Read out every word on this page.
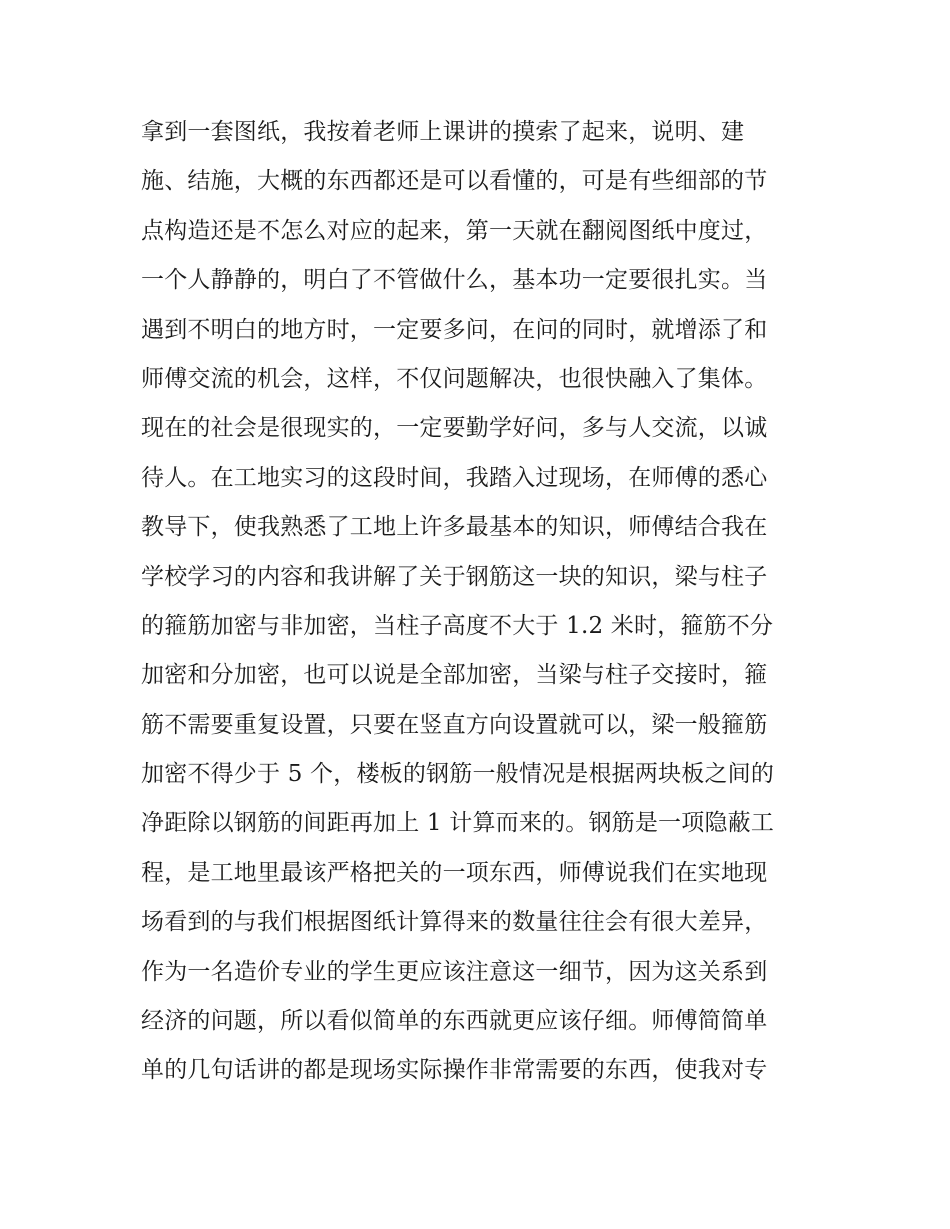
拿到一套图纸，我按着老师上课讲的摸索了起来，说明、建
施、结施，大概的东西都还是可以看懂的，可是有些细部的节
点构造还是不怎么对应的起来，第一天就在翻阅图纸中度过，
一个人静静的，明白了不管做什么，基本功一定要很扎实。当
遇到不明白的地方时，一定要多问，在问的同时，就增添了和
师傅交流的机会，这样，不仅问题解决，也很快融入了集体。
现在的社会是很现实的，一定要勤学好问，多与人交流，以诚
待人。在工地实习的这段时间，我踏入过现场，在师傅的悉心
教导下，使我熟悉了工地上许多最基本的知识，师傅结合我在
学校学习的内容和我讲解了关于钢筋这一块的知识，梁与柱子
的箍筋加密与非加密，当柱子高度不大于 1.2 米时，箍筋不分
加密和分加密，也可以说是全部加密，当梁与柱子交接时，箍
筋不需要重复设置，只要在竖直方向设置就可以，梁一般箍筋
加密不得少于 5 个，楼板的钢筋一般情况是根据两块板之间的
净距除以钢筋的间距再加上 1 计算而来的。钢筋是一项隐蔽工
程，是工地里最该严格把关的一项东西，师傅说我们在实地现
场看到的与我们根据图纸计算得来的数量往往会有很大差异，
作为一名造价专业的学生更应该注意这一细节，因为这关系到
经济的问题，所以看似简单的东西就更应该仔细。师傅简简单
单的几句话讲的都是现场实际操作非常需要的东西，使我对专
